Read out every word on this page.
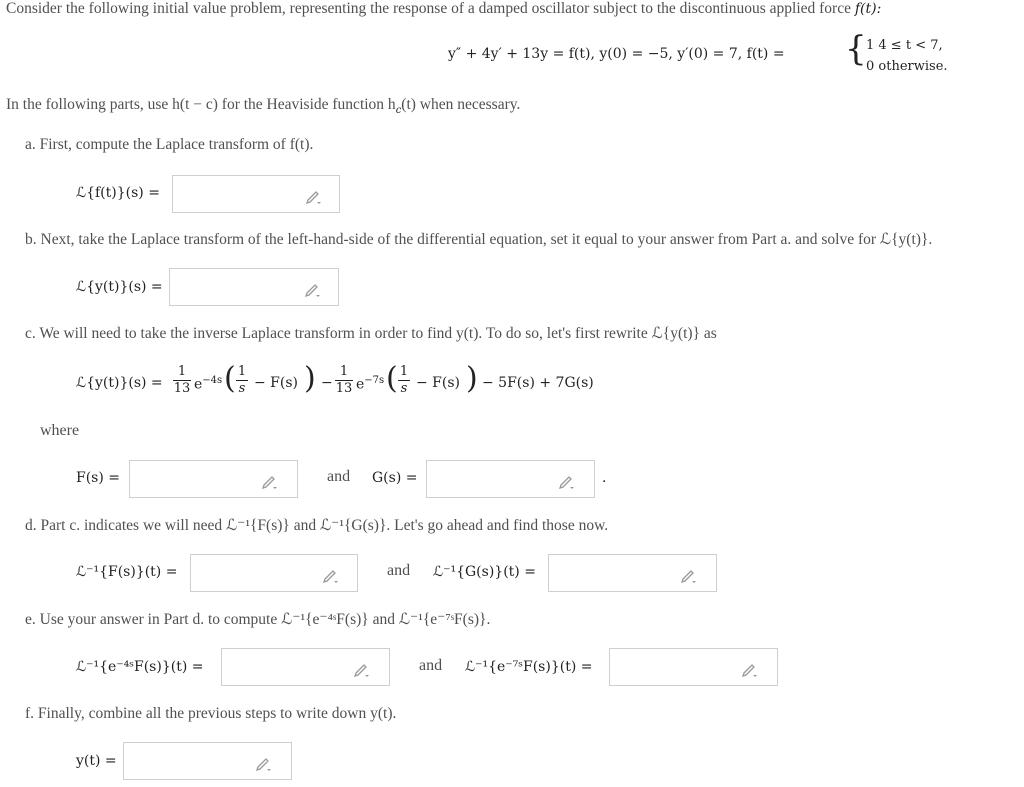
Consider the following initial value problem, representing the response of a damped oscillator subject to the discontinuous applied force f(t):
y″ + 4y′ + 13y = f(t), y(0) = −5, y′(0) = 7, f(t) = { 1 4 ≤ t < 7,
0 otherwise.
In the following parts, use h(t − c) for the Heaviside function $h_c(t)$ when necessary.
a. First, compute the Laplace transform of f(t).
ℒ{f(t)}(s) =
b. Next, take the Laplace transform of the left-hand-side of the differential equation, set it equal to your answer from Part a. and solve for ℒ{y(t)}.
ℒ{y(t)}(s) =
c. We will need to take the inverse Laplace transform in order to find y(t). To do so, let's first rewrite ℒ{y(t)} as
ℒ{y(t)}(s) = $\frac{1}{13} e^{-4s}$ ( $\frac{1}{s} - F(s)$ ) − $\frac{1}{13} e^{-7s}$ ( $\frac{1}{s} - F(s)$ ) − 5F(s) + 7G(s)
where
F(s) =	and G(s) =	.
d. Part c. indicates we will need ℒ⁻¹{F(s)} and ℒ⁻¹{G(s)}. Let's go ahead and find those now.
ℒ⁻¹{F(s)}(t) =	and ℒ⁻¹{G(s)}(t) =
e. Use your answer in Part d. to compute ℒ⁻¹{e⁻⁴ˢF(s)} and ℒ⁻¹{e⁻⁷ˢF(s)}.
ℒ⁻¹{e⁻⁴ˢF(s)}(t) =	and ℒ⁻¹{e⁻⁷ˢF(s)}(t) =
f. Finally, combine all the previous steps to write down y(t).
y(t) =
